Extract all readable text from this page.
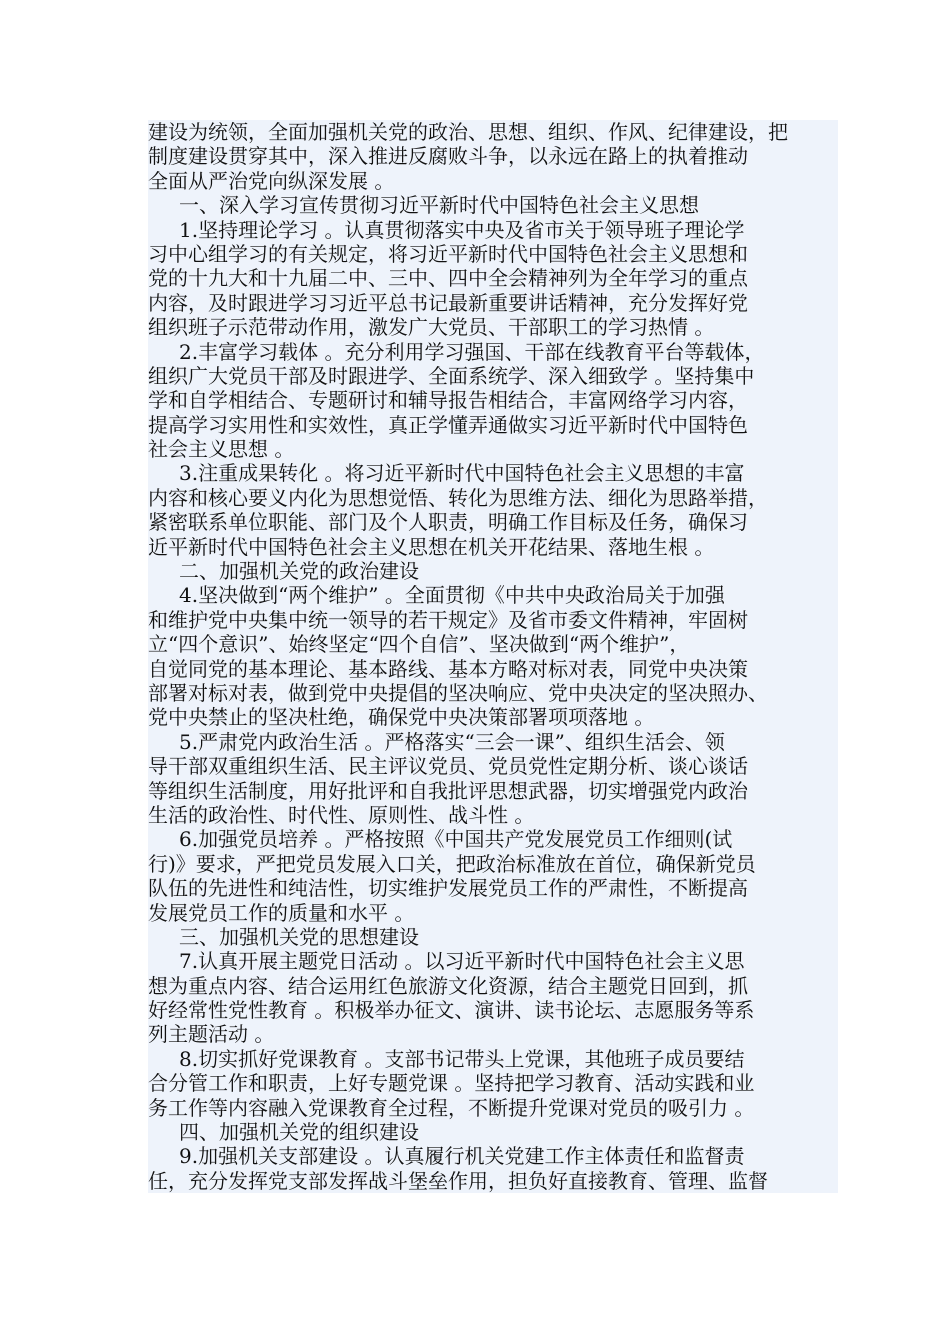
建设为统领，全面加强机关党的政治、思想、组织、作风、纪律建设，把
制度建设贯穿其中，深入推进反腐败斗争，以永远在路上的执着推动
全面从严治党向纵深发展 。
一、深入学习宣传贯彻习近平新时代中国特色社会主义思想
1.坚持理论学习 。认真贯彻落实中央及省市关于领导班子理论学
习中心组学习的有关规定，将习近平新时代中国特色社会主义思想和
党的十九大和十九届二中、三中、四中全会精神列为全年学习的重点
内容，及时跟进学习习近平总书记最新重要讲话精神，充分发挥好党
组织班子示范带动作用，激发广大党员、干部职工的学习热情 。
2.丰富学习载体 。充分利用学习强国、干部在线教育平台等载体，
组织广大党员干部及时跟进学、全面系统学、深入细致学 。坚持集中
学和自学相结合、专题研讨和辅导报告相结合，丰富网络学习内容，
提高学习实用性和实效性，真正学懂弄通做实习近平新时代中国特色
社会主义思想 。
3.注重成果转化 。将习近平新时代中国特色社会主义思想的丰富
内容和核心要义内化为思想觉悟、转化为思维方法、细化为思路举措，
紧密联系单位职能、部门及个人职责，明确工作目标及任务，确保习
近平新时代中国特色社会主义思想在机关开花结果、落地生根 。
二、加强机关党的政治建设
4.坚决做到“两个维护” 。全面贯彻《中共中央政治局关于加强
和维护党中央集中统一领导的若干规定》及省市委文件精神，牢固树
立“四个意识”、始终坚定“四个自信”、坚决做到“两个维护”，
自觉同党的基本理论、基本路线、基本方略对标对表，同党中央决策
部署对标对表，做到党中央提倡的坚决响应、党中央决定的坚决照办、
党中央禁止的坚决杜绝，确保党中央决策部署项项落地 。
5.严肃党内政治生活 。严格落实“三会一课”、组织生活会、领
导干部双重组织生活、民主评议党员、党员党性定期分析、谈心谈话
等组织生活制度，用好批评和自我批评思想武器，切实增强党内政治
生活的政治性、时代性、原则性、战斗性 。
6.加强党员培养 。严格按照《中国共产党发展党员工作细则(试
行)》要求，严把党员发展入口关，把政治标准放在首位，确保新党员
队伍的先进性和纯洁性，切实维护发展党员工作的严肃性，不断提高
发展党员工作的质量和水平 。
三、加强机关党的思想建设
7.认真开展主题党日活动 。以习近平新时代中国特色社会主义思
想为重点内容、结合运用红色旅游文化资源，结合主题党日回到，抓
好经常性党性教育 。积极举办征文、演讲、读书论坛、志愿服务等系
列主题活动 。
8.切实抓好党课教育 。支部书记带头上党课，其他班子成员要结
合分管工作和职责，上好专题党课 。坚持把学习教育、活动实践和业
务工作等内容融入党课教育全过程，不断提升党课对党员的吸引力 。
四、加强机关党的组织建设
9.加强机关支部建设 。认真履行机关党建工作主体责任和监督责
任，充分发挥党支部发挥战斗堡垒作用，担负好直接教育、管理、监督
